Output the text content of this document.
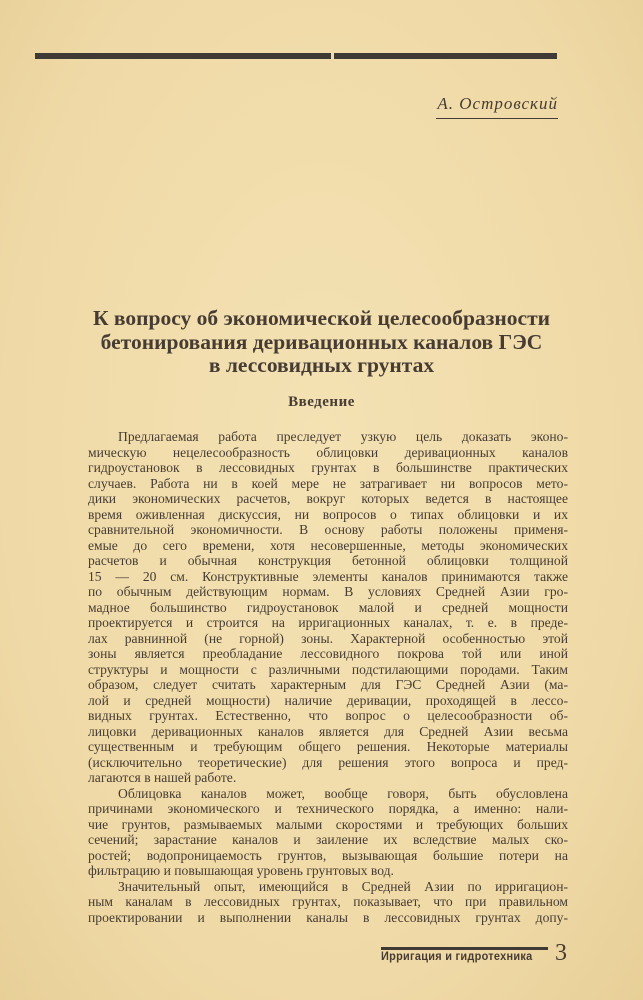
А. Островский
К вопросу об экономической целесообразности
бетонирования деривационных каналов ГЭС
в лессовидных грунтах
Введение
Предлагаемая работа преследует узкую цель доказать эконо-
мическую нецелесообразность облицовки деривационных каналов
гидроустановок в лессовидных грунтах в большинстве практических
случаев. Работа ни в коей мере не затрагивает ни вопросов мето-
дики экономических расчетов, вокруг которых ведется в настоящее
время оживленная дискуссия, ни вопросов о типах облицовки и их
сравнительной экономичности. В основу работы положены применя-
емые до сего времени, хотя несовершенные, методы экономических
расчетов и обычная конструкция бетонной облицовки толщиной
15 — 20 см. Конструктивные элементы каналов принимаются также
по обычным действующим нормам. В условиях Средней Азии гро-
мадное большинство гидроустановок малой и средней мощности
проектируется и строится на ирригационных каналах, т. е. в преде-
лах равнинной (не горной) зоны. Характерной особенностью этой
зоны является преобладание лессовидного покрова той или иной
структуры и мощности с различными подстилающими породами. Таким
образом, следует считать характерным для ГЭС Средней Азии (ма-
лой и средней мощности) наличие деривации, проходящей в лессо-
видных грунтах. Естественно, что вопрос о целесообразности об-
лицовки деривационных каналов является для Средней Азии весьма
существенным и требующим общего решения. Некоторые материалы
(исключительно теоретические) для решения этого вопроса и пред-
лагаются в нашей работе.
Облицовка каналов может, вообще говоря, быть обусловлена
причинами экономического и технического порядка, а именно: нали-
чие грунтов, размываемых малыми скоростями и требующих больших
сечений; зарастание каналов и заиление их вследствие малых ско-
ростей; водопроницаемость грунтов, вызывающая большие потери на
фильтрацию и повышающая уровень грунтовых вод.
Значительный опыт, имеющийся в Средней Азии по ирригацион-
ным каналам в лессовидных грунтах, показывает, что при правильном
проектировании и выполнении каналы в лессовидных грунтах допу-
Ирригация и гидротехника 3
